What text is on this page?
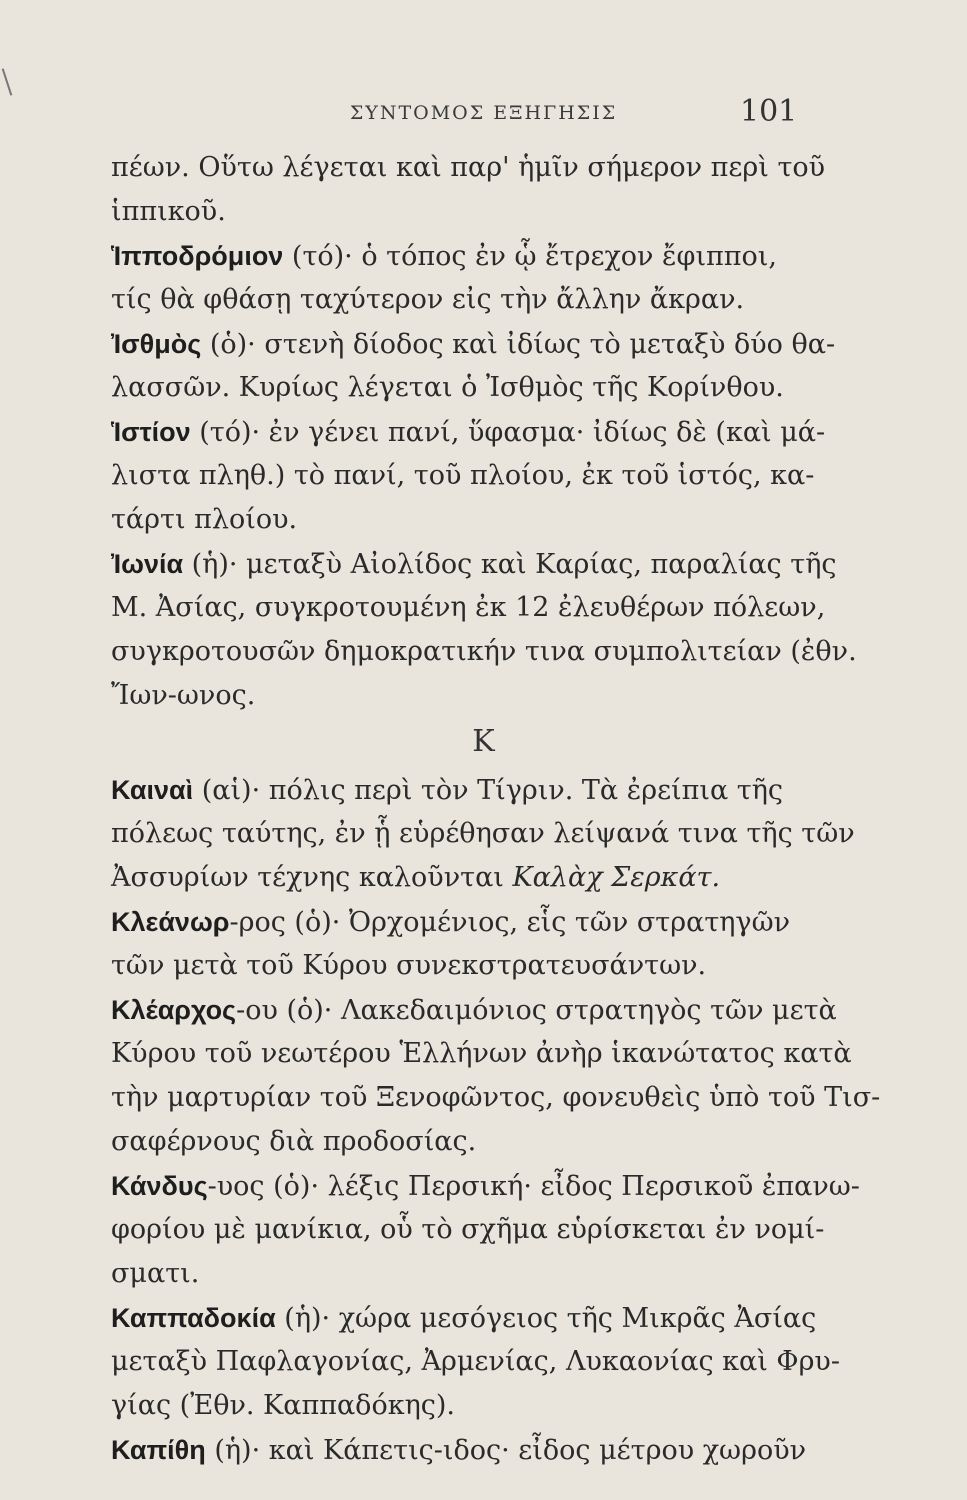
ΣΥΝΤΟΜΟΣ ΕΞΗΓΗΣΙΣ	101
πέων. Οὕτω λέγεται καὶ παρ' ἡμῖν σήμερον περὶ τοῦ
ἱππικοῦ.
Ἱπποδρόμιον (τό)· ὁ τόπος ἐν ᾧ ἔτρεχον ἔφιπποι,
τίς θὰ φθάσῃ ταχύτερον εἰς τὴν ἄλλην ἄκραν.
Ἰσθμὸς (ὁ)· στενὴ δίοδος καὶ ἰδίως τὸ μεταξὺ δύο θα-
λασσῶν. Κυρίως λέγεται ὁ Ἰσθμὸς τῆς Κορίνθου.
Ἱστίον (τό)· ἐν γένει πανί, ὕφασμα· ἰδίως δὲ (καὶ μά-
λιστα πληθ.) τὸ πανί, τοῦ πλοίου, ἐκ τοῦ ἱστός, κα-
τάρτι πλοίου.
Ἰωνία (ἡ)· μεταξὺ Αἰολίδος καὶ Καρίας, παραλίας τῆς
Μ. Ἀσίας, συγκροτουμένη ἐκ 12 ἐλευθέρων πόλεων,
συγκροτουσῶν δημοκρατικήν τινα συμπολιτείαν (ἐθν.
Ἴων-ωνος.
Κ
Καιναὶ (αἱ)· πόλις περὶ τὸν Τίγριν. Τὰ ἐρείπια τῆς
πόλεως ταύτης, ἐν ᾗ εὑρέθησαν λείψανά τινα τῆς τῶν
Ἀσσυρίων τέχνης καλοῦνται Καλὰχ Σερκάτ.
Κλεάνωρ-ρος (ὁ)· Ὀρχομένιος, εἷς τῶν στρατηγῶν
τῶν μετὰ τοῦ Κύρου συνεκστρατευσάντων.
Κλέαρχος-ου (ὁ)· Λακεδαιμόνιος στρατηγὸς τῶν μετὰ
Κύρου τοῦ νεωτέρου Ἑλλήνων ἀνὴρ ἱκανώτατος κατὰ
τὴν μαρτυρίαν τοῦ Ξενοφῶντος, φονευθεὶς ὑπὸ τοῦ Τισ-
σαφέρνους διὰ προδοσίας.
Κάνδυς-υος (ὁ)· λέξις Περσική· εἶδος Περσικοῦ ἐπανω-
φορίου μὲ μανίκια, οὗ τὸ σχῆμα εὑρίσκεται ἐν νομί-
σματι.
Καππαδοκία (ἡ)· χώρα μεσόγειος τῆς Μικρᾶς Ἀσίας
μεταξὺ Παφλαγονίας, Ἀρμενίας, Λυκαονίας καὶ Φρυ-
γίας (Ἐθν. Καππαδόκης).
Καπίθη (ἡ)· καὶ Κάπετις-ιδος· εἶδος μέτρου χωροῦν
